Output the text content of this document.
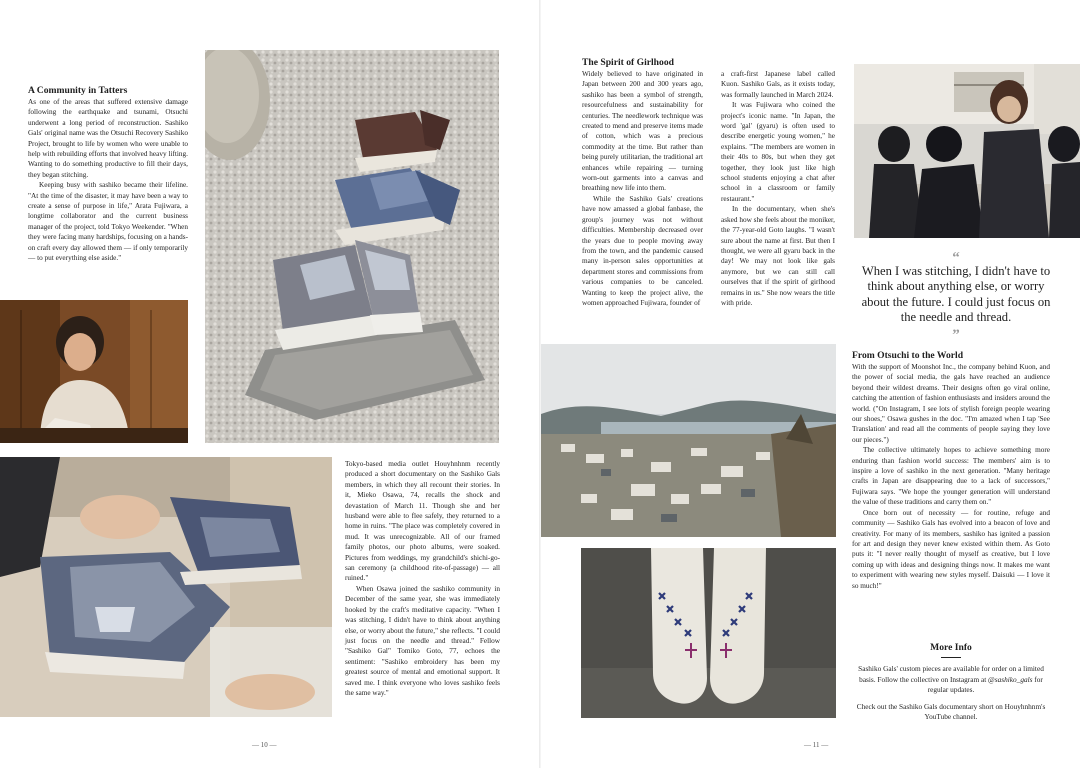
A Community in Tatters

As one of the areas that suffered extensive damage following the earthquake and tsunami, Otsuchi underwent a long period of reconstruction. Sashiko Gals' original name was the Otsuchi Recovery Sashiko Project, brought to life by women who were unable to help with rebuilding efforts that involved heavy lifting. Wanting to do something productive to fill their days, they began stitching.

Keeping busy with sashiko became their lifeline. "At the time of the disaster, it may have been a way to create a sense of purpose in life," Arata Fujiwara, a longtime collaborator and the current business manager of the project, told Tokyo Weekender. "When they were facing many hardships, focusing on a hands-on craft every day allowed them — if only temporarily — to put everything else aside."

Tokyo-based media outlet Houyhnhnm recently produced a short documentary on the Sashiko Gals members, in which they all recount their stories. In it, Mieko Osawa, 74, recalls the shock and devastation of March 11. Though she and her husband were able to flee safely, they returned to a home in ruins. "The place was completely covered in mud. It was unrecognizable. All of our framed family photos, our photo albums, were soaked. Pictures from weddings, my grandchild's shichi-go-san ceremony (a childhood rite-of-passage) — all ruined."

When Osawa joined the sashiko community in December of the same year, she was immediately hooked by the craft's meditative capacity. "When I was stitching, I didn't have to think about anything else, or worry about the future," she reflects. "I could just focus on the needle and thread." Fellow "Sashiko Gal" Tomiko Goto, 77, echoes the sentiment: "Sashiko embroidery has been my greatest source of mental and emotional support. It saved me. I think everyone who loves sashiko feels the same way."

— 10 —
The Spirit of Girlhood

Widely believed to have originated in Japan between 200 and 300 years ago, sashiko has been a symbol of strength, resourcefulness and sustainability for centuries. The needlework technique was created to mend and preserve items made of cotton, which was a precious commodity at the time. But rather than being purely utilitarian, the traditional art enhances while repairing — turning worn-out garments into a canvas and breathing new life into them.

While the Sashiko Gals' creations have now amassed a global fanbase, the group's journey was not without difficulties. Membership decreased over the years due to people moving away from the town, and the pandemic caused many in-person sales opportunities at department stores and commissions from various companies to be canceled. Wanting to keep the project alive, the women approached Fujiwara, founder of

a craft-first Japanese label called Kuon. Sashiko Gals, as it exists today, was formally launched in March 2024.

It was Fujiwara who coined the project's iconic name. "In Japan, the word 'gal' (gyaru) is often used to describe energetic young women," he explains. "The members are women in their 40s to 80s, but when they get together, they look just like high school students enjoying a chat after school in a classroom or family restaurant."

In the documentary, when she's asked how she feels about the moniker, the 77-year-old Goto laughs. "I wasn't sure about the name at first. But then I thought, we were all gyaru back in the day! We may not look like gals anymore, but we can still call ourselves that if the spirit of girlhood remains in us." She now wears the title with pride.

“
When I was stitching, I didn't have to think about anything else, or worry about the future. I could just focus on the needle and thread.
”
From Otsuchi to the World

With the support of Moonshot Inc., the company behind Kuon, and the power of social media, the gals have reached an audience beyond their wildest dreams. Their designs often go viral online, catching the attention of fashion enthusiasts and insiders around the world. ("On Instagram, I see lots of stylish foreign people wearing our shoes," Osawa gushes in the doc. "I'm amazed when I tap 'See Translation' and read all the comments of people saying they love our pieces.")

The collective ultimately hopes to achieve something more enduring than fashion world success: The members' aim is to inspire a love of sashiko in the next generation. "Many heritage crafts in Japan are disappearing due to a lack of successors," Fujiwara says. "We hope the younger generation will understand the value of these traditions and carry them on."

Once born out of necessity — for routine, refuge and community — Sashiko Gals has evolved into a beacon of love and creativity. For many of its members, sashiko has ignited a passion for art and design they never knew existed within them. As Goto puts it: "I never really thought of myself as creative, but I love coming up with ideas and designing things now. It makes me want to experiment with wearing new styles myself. Daisuki — I love it so much!"

More Info
Sashiko Gals' custom pieces are available for order on a limited basis. Follow the collective on Instagram at @sashiko_gals for regular updates.
Check out the Sashiko Gals documentary short on Houyhnhnm's YouTube channel.
— 11 —
